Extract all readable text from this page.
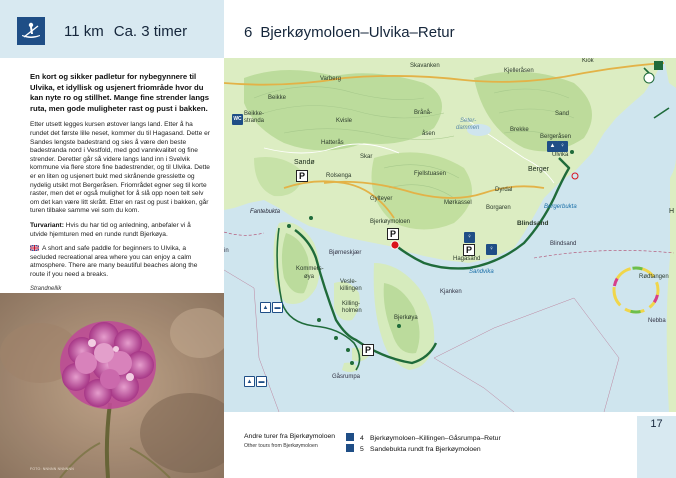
11 km Ca. 3 timer

En kort og sikker padletur for nybegynnere til Ulvika, et idyllisk og usjenert friområde hvor du kan nyte ro og stillhet. Mange fine strender langs ruta, men gode muligheter rast og pust i bakken.

Etter utsett legges kursen østover langs land. Etter å ha rundet det første lille neset, kommer du til Hagasand. Dette er Sandes lengste badestrand og sies å være den beste badestranda nord i Vestfold, med god vannkvalitet og fine strender. Deretter går så videre langs land inn i Svelvik kommune via flere store fine badestrender, og til Ulvika. Dette er en liten og usjenert bukt med skrånende gresslette og nydelig utsikt mot Bergeråsen. Friområdet egner seg til korte raster, men det er også mulighet for å slå opp noen telt selv om det kan være litt skrått. Etter en rast og pust i bakken, går turen tilbake samme vei som du kom.

Turvariant: Hvis du har tid og anledning, anbefaler vi å utvide hjemturen med en runde rundt Bjerkøya.

A short and safe paddle for beginners to Ulvika, a secluded recreational area where you can enjoy a calm atmosphere. There are many beautiful beaches along the route if you need a breaks.

Strandnellik

FOTO: NNNNN NNNNNN
6 Bjerkøymoloen–Ulvika–Retur
Skavanken
Kjelleråsen
Kiok
Varberg
Beikke
Beikke-
stranda	Kvisle
Brånå-
åsen
Seter-
dammen	Brekke
Sand
Bergeråsen
Hatterås
Ulvika
Sandø
Skar
Rolsenga	Fjellstuasen
Berger
Dyrdal
Gylteyer
Mørkassel
Borgaren	Bergerbukta
Fantebukta
Bjerkøymoloen	Blindsand
Blindsand
Hagasand
Sandvika
Bjørneskjær
Kommers-
øya
Vesle-
killingen
Killing-
holmen
Kjanken
Bjerkøya
Gåsrumpa
Rødtangen
Nebba
H
in
WC
P
P
P
P
♀
♀
▲ ♀
▲	▬
▲	▬
Andre turer fra Bjerkøymoloen
Other tours from Bjerkøymoloen
4 Bjerkøymoloen–Killingen–Gåsrumpa–Retur
5 Sandebukta rundt fra Bjerkøymoloen
17
